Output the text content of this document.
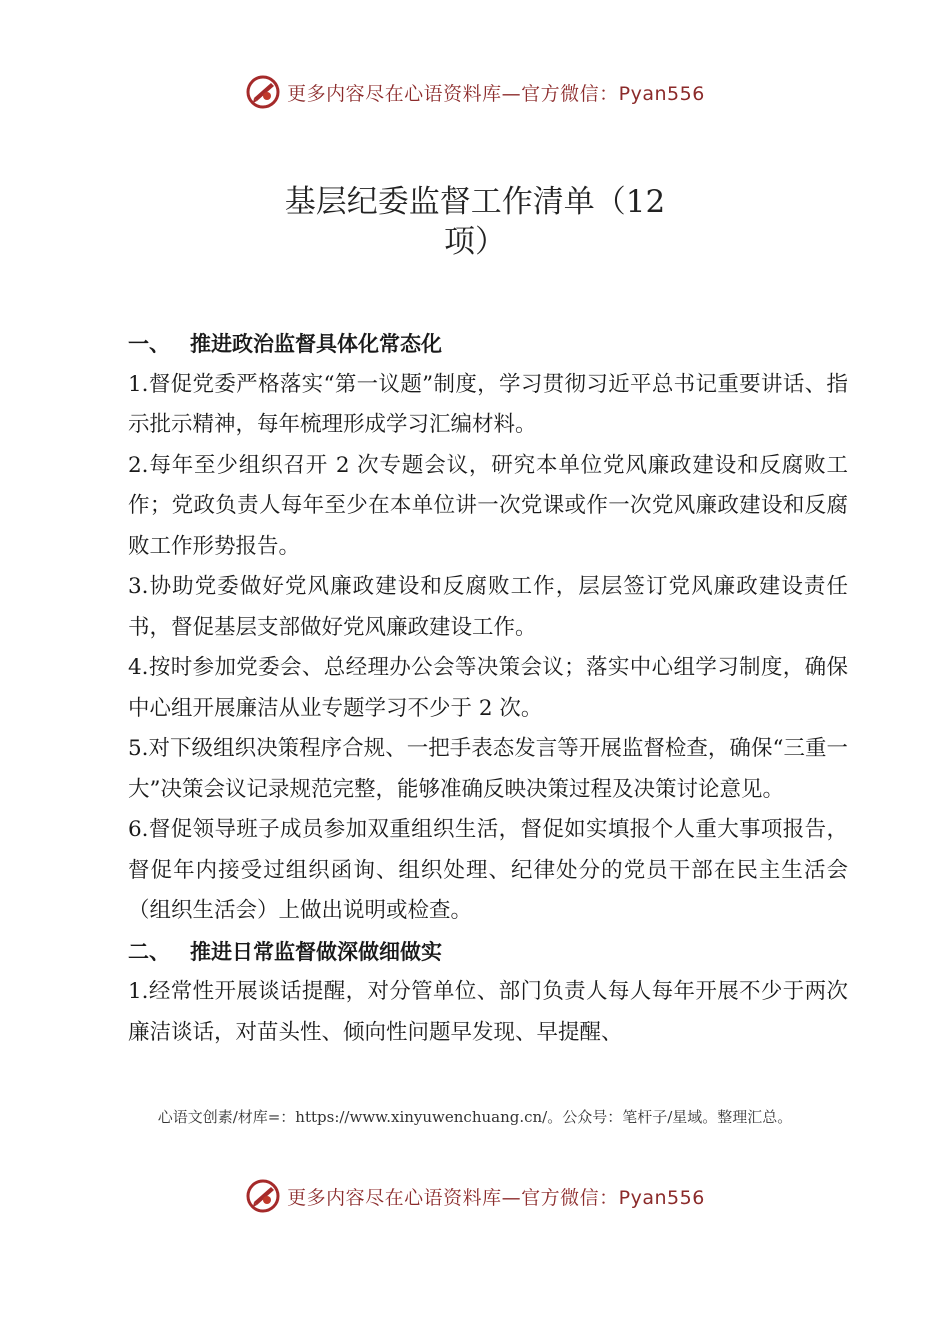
更多内容尽在心语资料库—官方微信：Pyan556
基层纪委监督工作清单（12
项）
一、 推进政治监督具体化常态化

1.督促党委严格落实“第一议题”制度，学习贯彻习近平总书记重要讲话、指示批示精神，每年梳理形成学习汇编材料。

2.每年至少组织召开 2 次专题会议，研究本单位党风廉政建设和反腐败工作；党政负责人每年至少在本单位讲一次党课或作一次党风廉政建设和反腐败工作形势报告。

3.协助党委做好党风廉政建设和反腐败工作，层层签订党风廉政建设责任书，督促基层支部做好党风廉政建设工作。

4.按时参加党委会、总经理办公会等决策会议；落实中心组学习制度，确保中心组开展廉洁从业专题学习不少于 2 次。

5.对下级组织决策程序合规、一把手表态发言等开展监督检查，确保“三重一大”决策会议记录规范完整，能够准确反映决策过程及决策讨论意见。

6.督促领导班子成员参加双重组织生活，督促如实填报个人重大事项报告，督促年内接受过组织函询、组织处理、纪律处分的党员干部在民主生活会（组织生活会）上做出说明或检查。

二、 推进日常监督做深做细做实

1.经常性开展谈话提醒，对分管单位、部门负责人每人每年开展不少于两次廉洁谈话，对苗头性、倾向性问题早发现、早提醒、

心语文创素/材库=：https://www.xinyuwenchuang.cn/。公众号：笔杆子/星域。整理汇总。
更多内容尽在心语资料库—官方微信：Pyan556
